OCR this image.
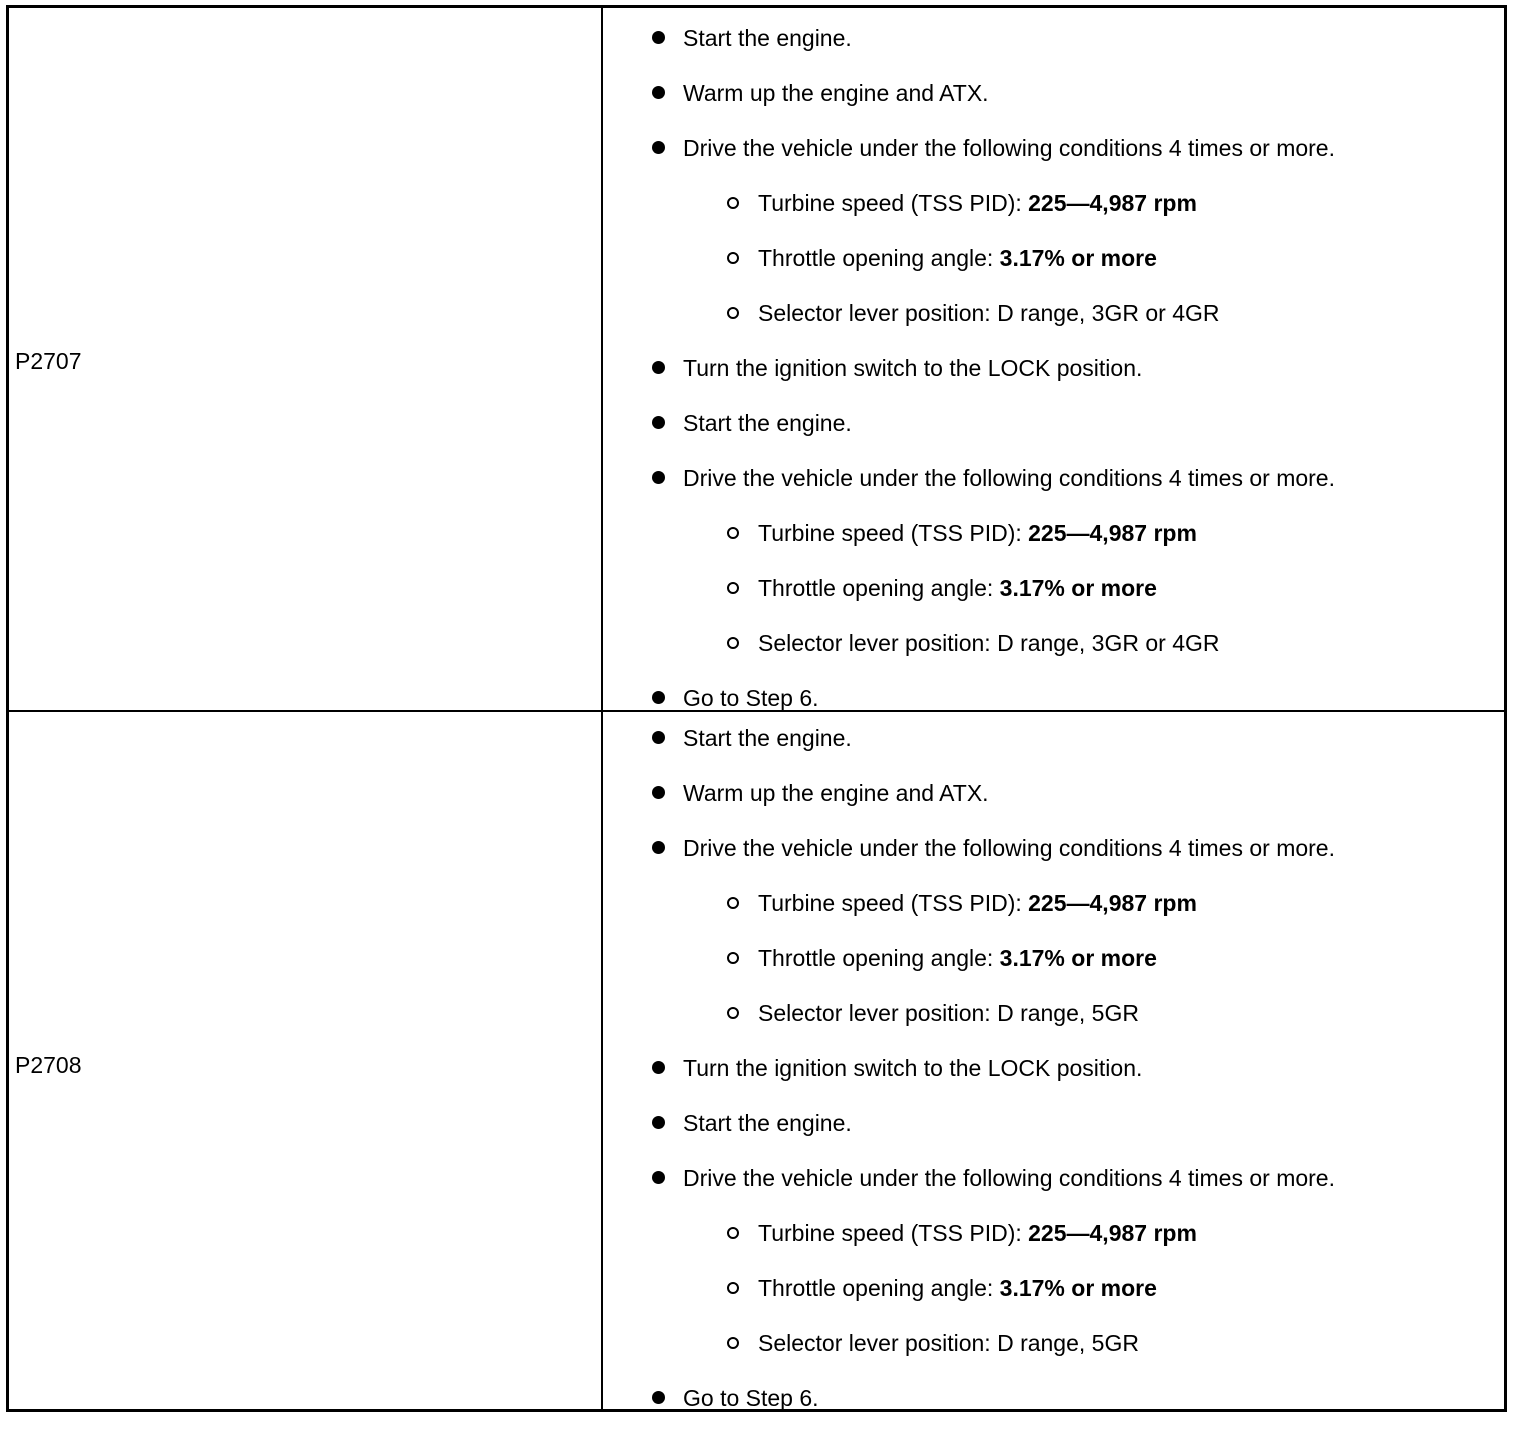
P2707
Start the engine.
Warm up the engine and ATX.
Drive the vehicle under the following conditions 4 times or more.
Turbine speed (TSS PID): 225—4,987 rpm
Throttle opening angle: 3.17% or more
Selector lever position: D range, 3GR or 4GR
Turn the ignition switch to the LOCK position.
Start the engine.
Drive the vehicle under the following conditions 4 times or more.
Turbine speed (TSS PID): 225—4,987 rpm
Throttle opening angle: 3.17% or more
Selector lever position: D range, 3GR or 4GR
Go to Step 6.
P2708
Start the engine.
Warm up the engine and ATX.
Drive the vehicle under the following conditions 4 times or more.
Turbine speed (TSS PID): 225—4,987 rpm
Throttle opening angle: 3.17% or more
Selector lever position: D range, 5GR
Turn the ignition switch to the LOCK position.
Start the engine.
Drive the vehicle under the following conditions 4 times or more.
Turbine speed (TSS PID): 225—4,987 rpm
Throttle opening angle: 3.17% or more
Selector lever position: D range, 5GR
Go to Step 6.
